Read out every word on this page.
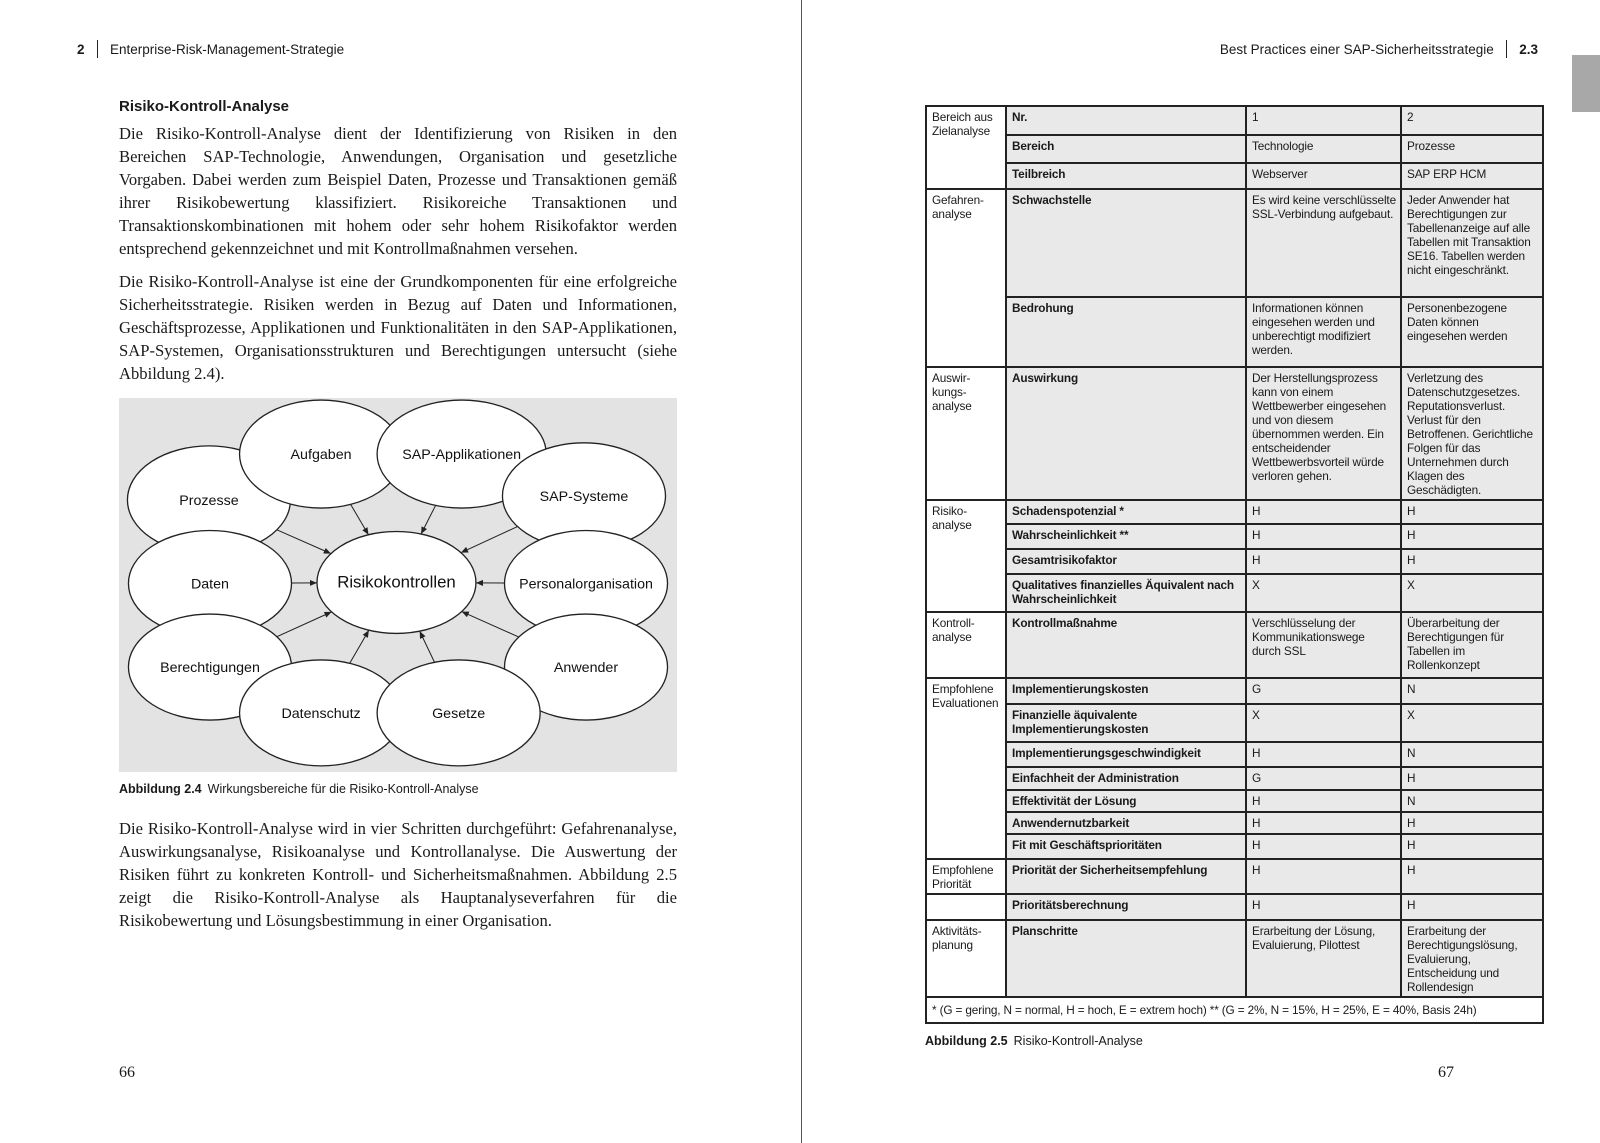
2 Enterprise-Risk-Management-Strategie
Risiko-Kontroll-Analyse

Die Risiko-Kontroll-Analyse dient der Identifizierung von Risiken in den Bereichen SAP-Technologie, Anwendungen, Organisation und gesetzliche Vorgaben. Dabei werden zum Beispiel Daten, Prozesse und Transaktionen gemäß ihrer Risikobewertung klassifiziert. Risikoreiche Transaktionen und Transaktionskombinationen mit hohem oder sehr hohem Risikofaktor werden entsprechend gekennzeichnet und mit Kontrollmaßnahmen versehen.

Die Risiko-Kontroll-Analyse ist eine der Grundkomponenten für eine erfolgreiche Sicherheitsstrategie. Risiken werden in Bezug auf Daten und Informationen, Geschäftsprozesse, Applikationen und Funktionalitäten in den SAP-Applikationen, SAP-Systemen, Organisationsstrukturen und Berechtigungen untersucht (siehe Abbildung 2.4).

Prozesse
Aufgaben	SAP-Applikationen
SAP-Systeme
Daten	Personalorganisation
Berechtigungen	Anwender
Datenschutz	Gesetze
Risikokontrollen
Abbildung 2.4 Wirkungsbereiche für die Risiko-Kontroll-Analyse

Die Risiko-Kontroll-Analyse wird in vier Schritten durchgeführt: Gefahrenanalyse, Auswirkungsanalyse, Risikoanalyse und Kontrollanalyse. Die Auswertung der Risiken führt zu konkreten Kontroll- und Sicherheitsmaßnahmen. Abbildung 2.5 zeigt die Risiko-Kontroll-Analyse als Hauptanalyseverfahren für die Risikobewertung und Lösungsbestimmung in einer Organisation.

66
Best Practices einer SAP-Sicherheitsstrategie 2.3
Bereich aus Zielanalyse	Nr.	1	2
	Bereich	Technologie	Prozesse
	Teilbreich	Webserver	SAP ERP HCM
Gefahren-analyse	Schwachstelle	Es wird keine verschlüsselte SSL-Verbindung aufgebaut.	Jeder Anwender hat Berechtigungen zur Tabellenanzeige auf alle Tabellen mit Transaktion SE16. Tabellen werden nicht eingeschränkt.
	Bedrohung	Informationen können eingesehen werden und unberechtigt modifiziert werden.	Personenbezogene Daten können eingesehen werden
Auswir-kungs-analyse	Auswirkung	Der Herstellungsprozess kann von einem Wettbewerber eingesehen und von diesem übernommen werden. Ein entscheidender Wettbewerbsvorteil würde verloren gehen.	Verletzung des Datenschutzgesetzes. Reputationsverlust. Verlust für den Betroffenen. Gerichtliche Folgen für das Unternehmen durch Klagen des Geschädigten.
Risiko-analyse	Schadenspotenzial *	H	H
	Wahrscheinlichkeit **	H	H
	Gesamtrisikofaktor	H	H
	Qualitatives finanzielles Äquivalent nach Wahrscheinlichkeit	X	X
Kontroll-analyse	Kontrollmaßnahme	Verschlüsselung der Kommunikationswege durch SSL	Überarbeitung der Berechtigungen für Tabellen im Rollenkonzept
Empfohlene Evaluationen	Implementierungskosten	G	N
	Finanzielle äquivalente Implementierungskosten	X	X
	Implementierungsgeschwindigkeit	H	N
	Einfachheit der Administration	G	H
	Effektivität der Lösung	H	N
	Anwendernutzbarkeit	H	H
	Fit mit Geschäftsprioritäten	H	H
Empfohlene Priorität	Priorität der Sicherheitsempfehlung	H	H
	Prioritätsberechnung	H	H
Aktivitäts-planung	Planschritte	Erarbeitung der Lösung, Evaluierung, Pilottest	Erarbeitung der Berechtigungslösung, Evaluierung, Entscheidung und Rollendesign
* (G = gering, N = normal, H = hoch, E = extrem hoch) ** (G = 2%, N = 15%, H = 25%, E = 40%, Basis 24h)			
Abbildung 2.5 Risiko-Kontroll-Analyse
67
